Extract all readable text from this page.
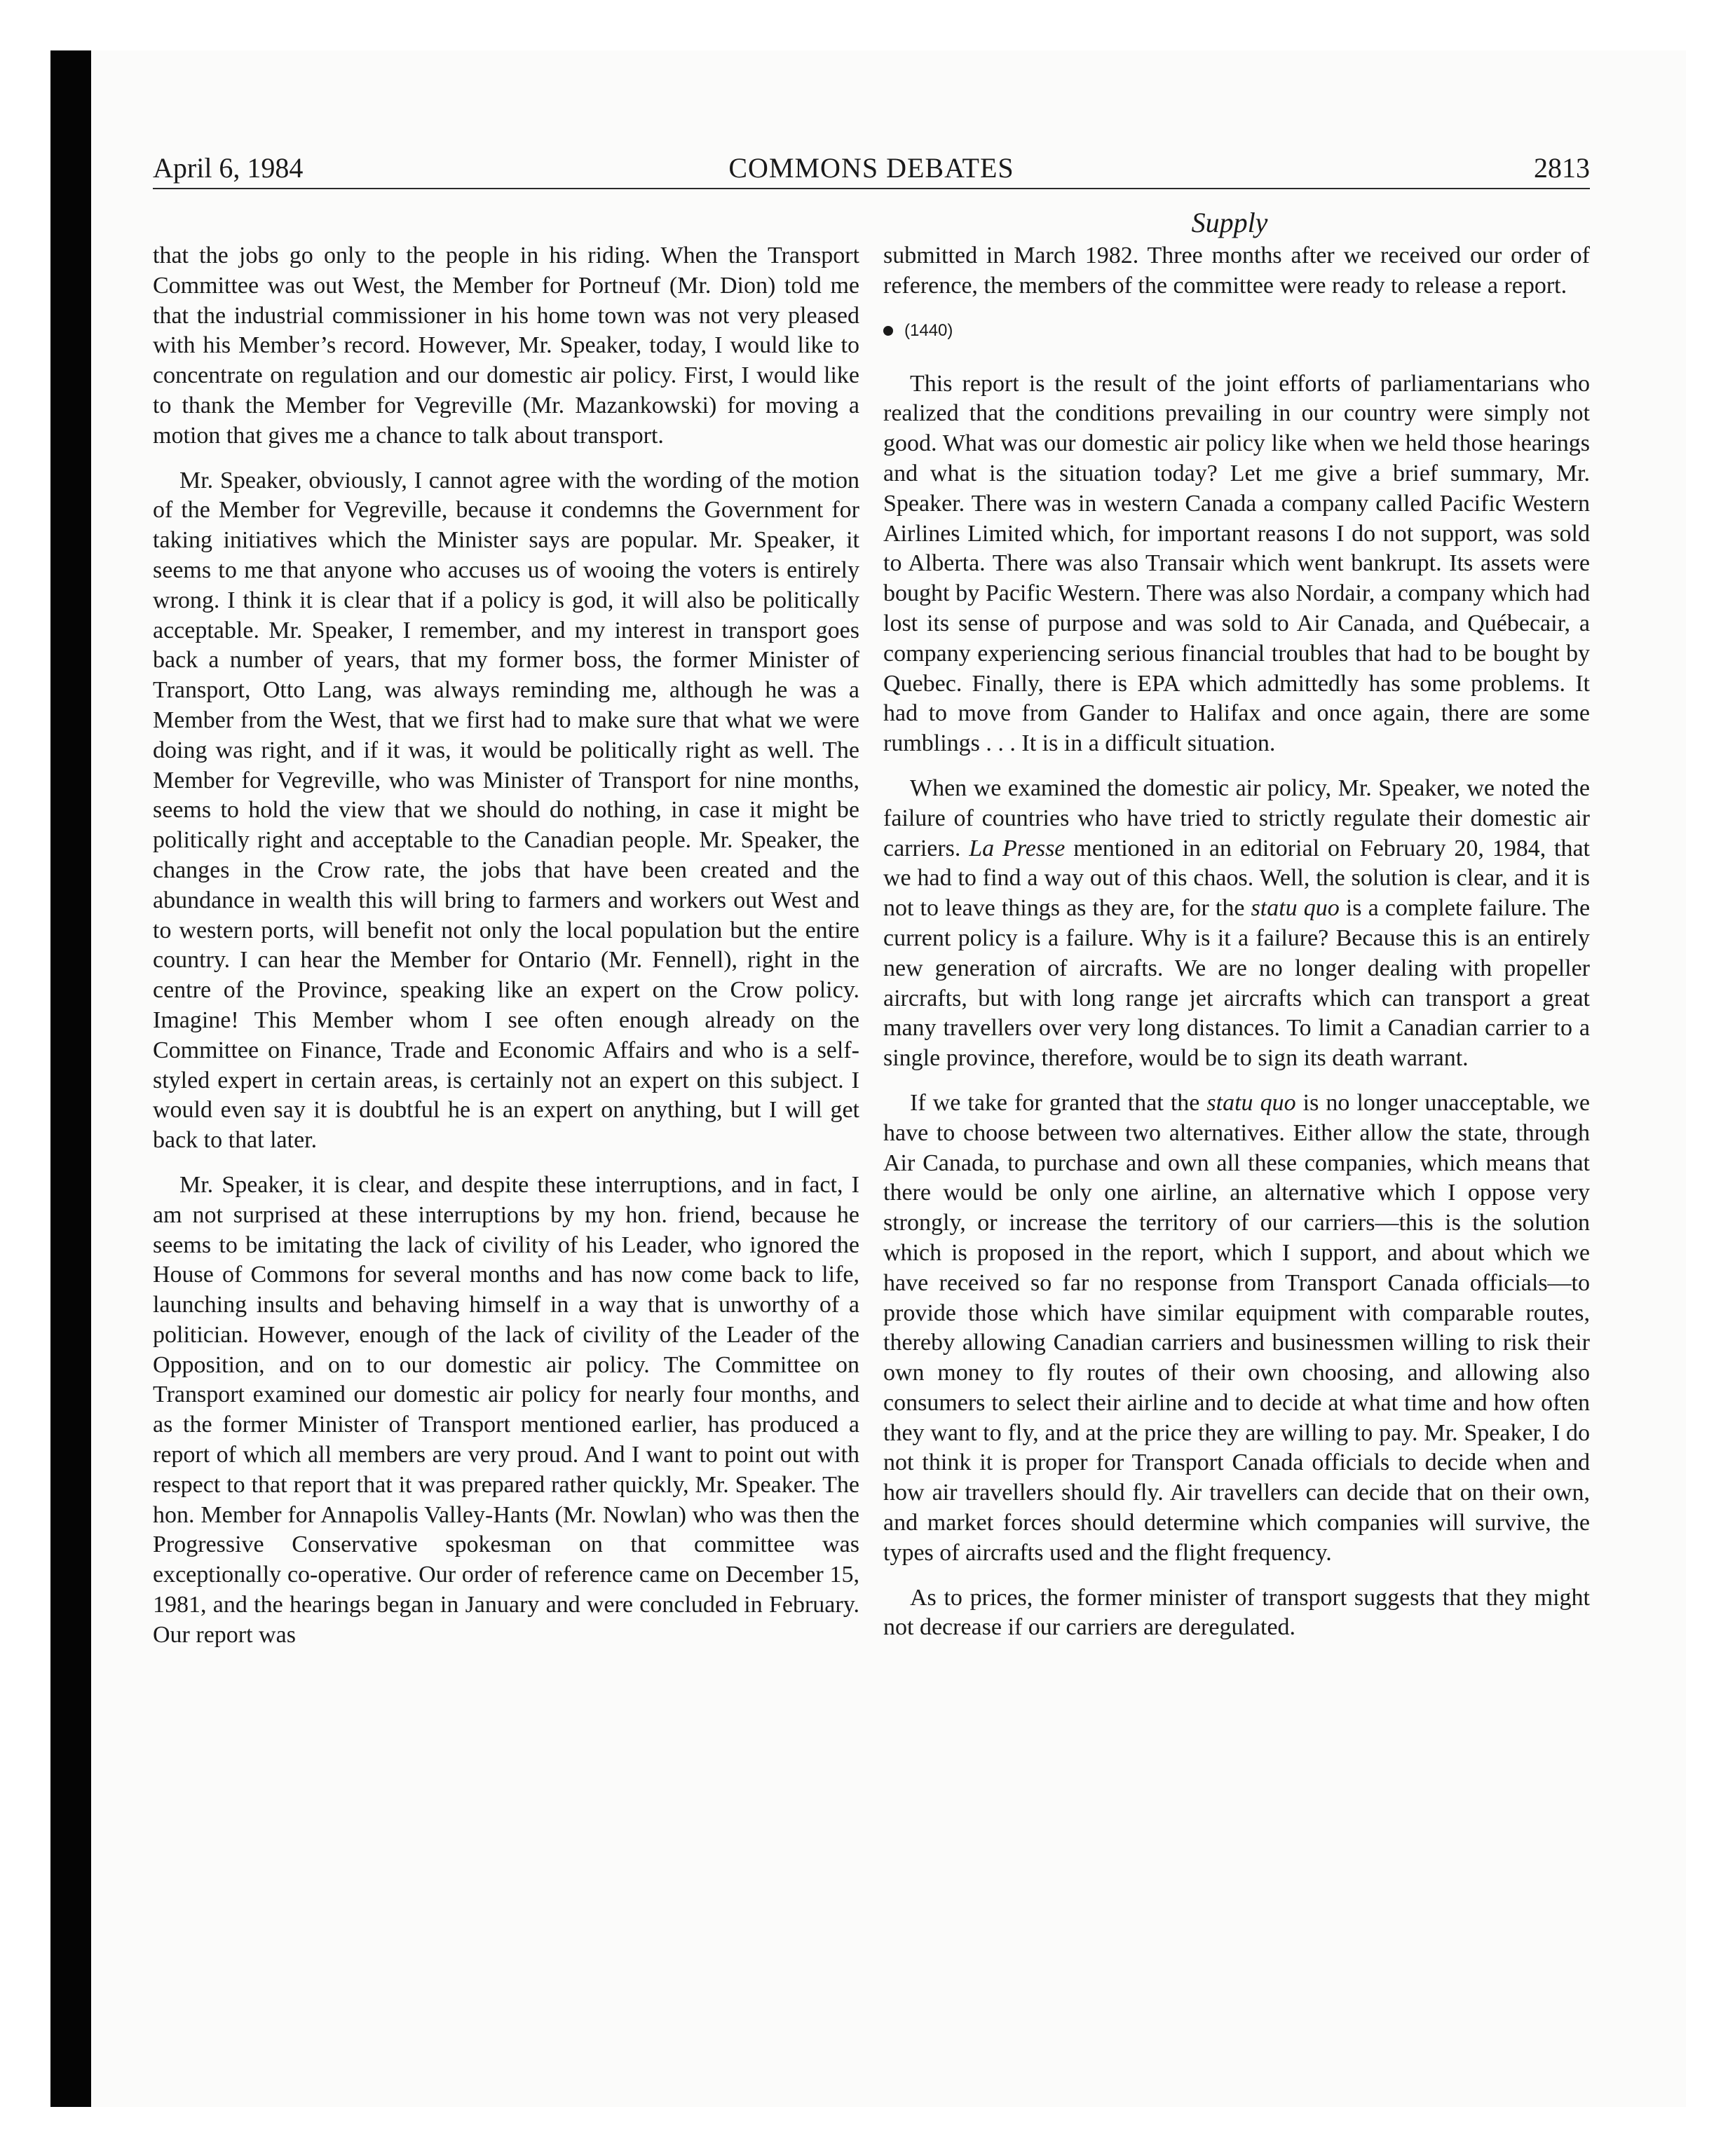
April 6, 1984	COMMONS DEBATES	2813
Supply

that the jobs go only to the people in his riding. When the Transport Committee was out West, the Member for Portneuf (Mr. Dion) told me that the industrial commissioner in his home town was not very pleased with his Member’s record. However, Mr. Speaker, today, I would like to concentrate on regulation and our domestic air policy. First, I would like to thank the Member for Vegreville (Mr. Mazankowski) for moving a motion that gives me a chance to talk about transport.

Mr. Speaker, obviously, I cannot agree with the wording of the motion of the Member for Vegreville, because it condemns the Government for taking initiatives which the Minister says are popular. Mr. Speaker, it seems to me that anyone who accuses us of wooing the voters is entirely wrong. I think it is clear that if a policy is god, it will also be politically acceptable. Mr. Speaker, I remember, and my interest in transport goes back a number of years, that my former boss, the former Minister of Transport, Otto Lang, was always reminding me, although he was a Member from the West, that we first had to make sure that what we were doing was right, and if it was, it would be politically right as well. The Member for Vegreville, who was Minister of Transport for nine months, seems to hold the view that we should do nothing, in case it might be politically right and acceptable to the Canadian people. Mr. Speaker, the changes in the Crow rate, the jobs that have been created and the abundance in wealth this will bring to farmers and workers out West and to western ports, will benefit not only the local population but the entire country. I can hear the Member for Ontario (Mr. Fennell), right in the centre of the Province, speaking like an expert on the Crow policy. Imagine! This Member whom I see often enough already on the Committee on Finance, Trade and Economic Affairs and who is a self-styled expert in certain areas, is certainly not an expert on this subject. I would even say it is doubtful he is an expert on anything, but I will get back to that later.

Mr. Speaker, it is clear, and despite these interruptions, and in fact, I am not surprised at these interruptions by my hon. friend, because he seems to be imitating the lack of civility of his Leader, who ignored the House of Commons for several months and has now come back to life, launching insults and behaving himself in a way that is unworthy of a politician. However, enough of the lack of civility of the Leader of the Opposition, and on to our domestic air policy. The Committee on Transport examined our domestic air policy for nearly four months, and as the former Minister of Transport mentioned earlier, has produced a report of which all members are very proud. And I want to point out with respect to that report that it was prepared rather quickly, Mr. Speaker. The hon. Member for Annapolis Valley-Hants (Mr. Nowlan) who was then the Progressive Conservative spokesman on that committee was exceptionally co-operative. Our order of reference came on December 15, 1981, and the hearings began in January and were concluded in February. Our report was

submitted in March 1982. Three months after we received our order of reference, the members of the committee were ready to release a report.

(1440)

This report is the result of the joint efforts of parliamentarians who realized that the conditions prevailing in our country were simply not good. What was our domestic air policy like when we held those hearings and what is the situation today? Let me give a brief summary, Mr. Speaker. There was in western Canada a company called Pacific Western Airlines Limited which, for important reasons I do not support, was sold to Alberta. There was also Transair which went bankrupt. Its assets were bought by Pacific Western. There was also Nordair, a company which had lost its sense of purpose and was sold to Air Canada, and Québecair, a company experiencing serious financial troubles that had to be bought by Quebec. Finally, there is EPA which admittedly has some problems. It had to move from Gander to Halifax and once again, there are some rumblings . . . It is in a difficult situation.

When we examined the domestic air policy, Mr. Speaker, we noted the failure of countries who have tried to strictly regulate their domestic air carriers. La Presse mentioned in an editorial on February 20, 1984, that we had to find a way out of this chaos. Well, the solution is clear, and it is not to leave things as they are, for the statu quo is a complete failure. The current policy is a failure. Why is it a failure? Because this is an entirely new generation of aircrafts. We are no longer dealing with propeller aircrafts, but with long range jet aircrafts which can transport a great many travellers over very long distances. To limit a Canadian carrier to a single province, therefore, would be to sign its death warrant.

If we take for granted that the statu quo is no longer unacceptable, we have to choose between two alternatives. Either allow the state, through Air Canada, to purchase and own all these companies, which means that there would be only one airline, an alternative which I oppose very strongly, or increase the territory of our carriers—this is the solution which is proposed in the report, which I support, and about which we have received so far no response from Transport Canada officials—to provide those which have similar equipment with comparable routes, thereby allowing Canadian carriers and businessmen willing to risk their own money to fly routes of their own choosing, and allowing also consumers to select their airline and to decide at what time and how often they want to fly, and at the price they are willing to pay. Mr. Speaker, I do not think it is proper for Transport Canada officials to decide when and how air travellers should fly. Air travellers can decide that on their own, and market forces should determine which companies will survive, the types of aircrafts used and the flight frequency.

As to prices, the former minister of transport suggests that they might not decrease if our carriers are deregulated.
